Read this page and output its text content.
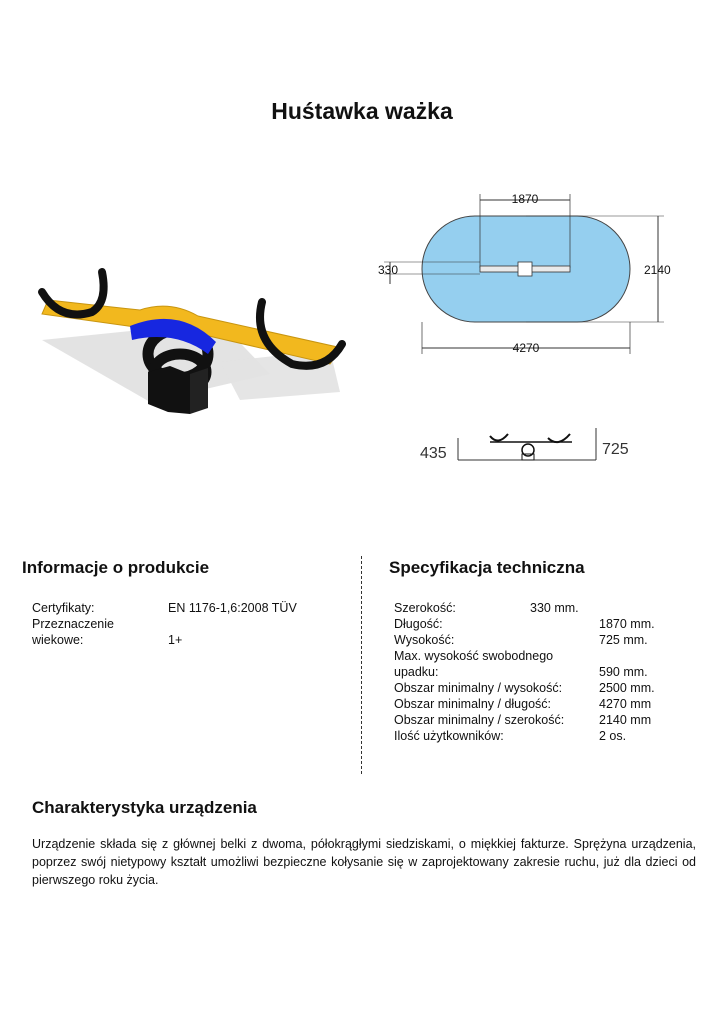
Huśtawka ważka
1870
330	2140
4270
435	725
Informacje o produkcie
Certyfikaty:	EN 1176-1,6:2008 TÜV
Przeznaczenie
wiekowe:	1+
Specyfikacja techniczna
Szerokość:	330 mm.
Długość:	1870 mm.
Wysokość:	725 mm.
Max. wysokość swobodnego
upadku:	590 mm.
Obszar minimalny / wysokość:	2500 mm.
Obszar minimalny / długość:	4270 mm
Obszar minimalny / szerokość:	2140 mm
Ilość użytkowników:	2 os.
Charakterystyka urządzenia
Urządzenie składa się z głównej belki z dwoma, półokrągłymi siedziskami, o miękkiej fakturze. Sprężyna urządzenia, poprzez swój nietypowy kształt umożliwi bezpieczne kołysanie się w zaprojektowany zakresie ruchu, już dla dzieci od pierwszego roku życia.
